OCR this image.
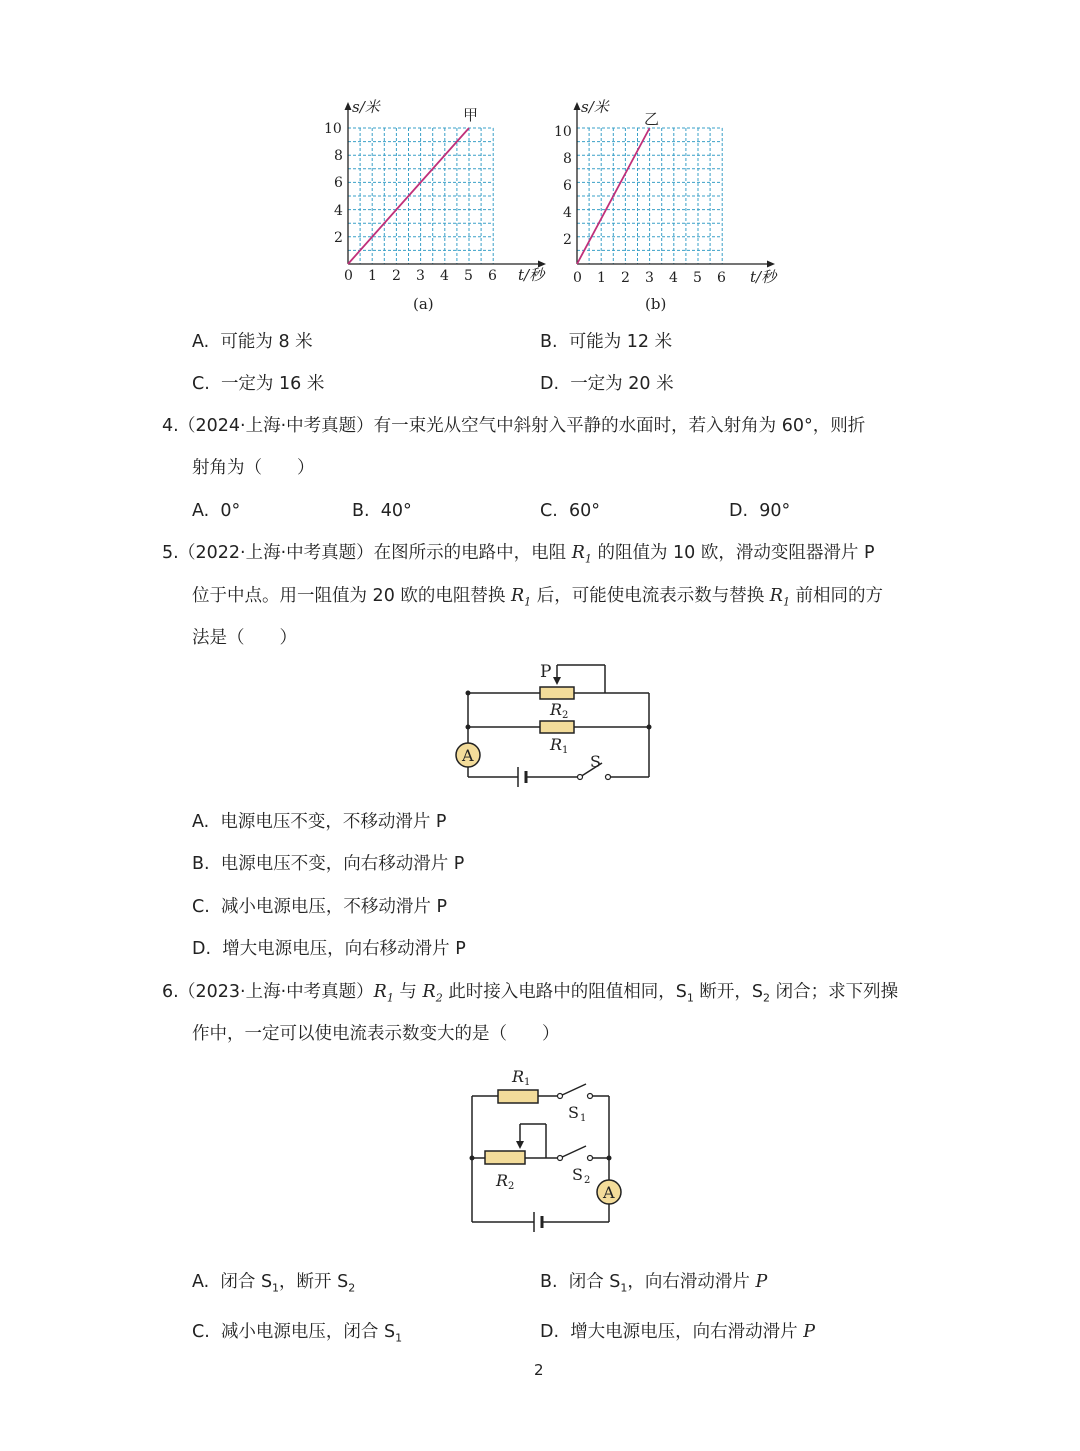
s/米	甲
10
8
6
4
2
0 1 2 3 4 5 6 t/秒
(a)
s/米
乙
10
8
6
4
2
0 1 2 3 4 5 6 t/秒
(b)
A. 可能为 8 米	B. 可能为 12 米
C. 一定为 16 米	D. 一定为 20 米
4. （2024·上海·中考真题）有一束光从空气中斜射入平静的水面时，若入射角为 60°，则折
射角为（　　）
A. 0°	B. 40°	C. 60°	D. 90°
5. （2022·上海·中考真题）在图所示的电路中，电阻 $R_1$ 的阻值为 10 欧，滑动变阻器滑片 P
位于中点。用一阻值为 20 欧的电阻替换 $R_1$ 后，可能使电流表示数与替换 $R_1$ 前相同的方
法是（　　）
A
P
R 2
R 1
S
A. 电源电压不变，不移动滑片 P
B. 电源电压不变，向右移动滑片 P
C. 减小电源电压，不移动滑片 P
D. 增大电源电压，向右移动滑片 P
6. （2023·上海·中考真题）$R_1$ 与 $R_2$ 此时接入电路中的阻值相同，$S_1$ 断开，$S_2$ 闭合；求下列操
作中，一定可以使电流表示数变大的是（　　）
A
R 1
S 1
R 2
S 2
A. 闭合 $S_1$，断开 $S_2$	B. 闭合 $S_1$，向右滑动滑片 P
C. 减小电源电压，闭合 $S_1$	D. 增大电源电压，向右滑动滑片 P
2
